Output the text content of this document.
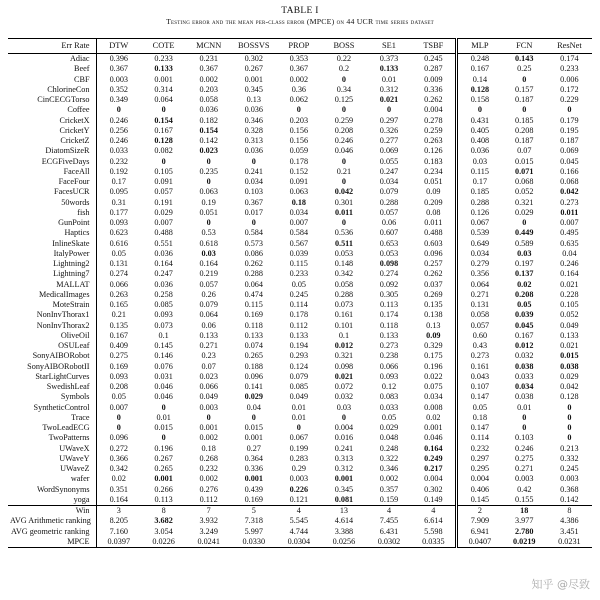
TABLE I
Testing error and the mean per-class error (MPCE) on 44 UCR time series dataset
Err Rate	DTW	COTE	MCNN	BOSSVS	PROP	BOSS	SE1	TSBF	MLP	FCN	ResNet
Adiac	0.396	0.233	0.231	0.302	0.353	0.22	0.373	0.245	0.248	0.143	0.174
Beef	0.367	0.133	0.367	0.267	0.367	0.2	0.133	0.287	0.167	0.25	0.233
CBF	0.003	0.001	0.002	0.001	0.002	0	0.01	0.009	0.14	0	0.006
ChlorineCon	0.352	0.314	0.203	0.345	0.36	0.34	0.312	0.336	0.128	0.157	0.172
CinCECGTorso	0.349	0.064	0.058	0.13	0.062	0.125	0.021	0.262	0.158	0.187	0.229
Coffee	0	0	0.036	0.036	0	0	0	0.004	0	0	0
CricketX	0.246	0.154	0.182	0.346	0.203	0.259	0.297	0.278	0.431	0.185	0.179
CricketY	0.256	0.167	0.154	0.328	0.156	0.208	0.326	0.259	0.405	0.208	0.195
CricketZ	0.246	0.128	0.142	0.313	0.156	0.246	0.277	0.263	0.408	0.187	0.187
DiatomSizeR	0.033	0.082	0.023	0.036	0.059	0.046	0.069	0.126	0.036	0.07	0.069
ECGFiveDays	0.232	0	0	0	0.178	0	0.055	0.183	0.03	0.015	0.045
FaceAll	0.192	0.105	0.235	0.241	0.152	0.21	0.247	0.234	0.115	0.071	0.166
FaceFour	0.17	0.091	0	0.034	0.091	0	0.034	0.051	0.17	0.068	0.068
FacesUCR	0.095	0.057	0.063	0.103	0.063	0.042	0.079	0.09	0.185	0.052	0.042
50words	0.31	0.191	0.19	0.367	0.18	0.301	0.288	0.209	0.288	0.321	0.273
fish	0.177	0.029	0.051	0.017	0.034	0.011	0.057	0.08	0.126	0.029	0.011
GunPoint	0.093	0.007	0	0	0.007	0	0.06	0.011	0.067	0	0.007
Haptics	0.623	0.488	0.53	0.584	0.584	0.536	0.607	0.488	0.539	0.449	0.495
InlineSkate	0.616	0.551	0.618	0.573	0.567	0.511	0.653	0.603	0.649	0.589	0.635
ItalyPower	0.05	0.036	0.03	0.086	0.039	0.053	0.053	0.096	0.034	0.03	0.04
Lightning2	0.131	0.164	0.164	0.262	0.115	0.148	0.098	0.257	0.279	0.197	0.246
Lightning7	0.274	0.247	0.219	0.288	0.233	0.342	0.274	0.262	0.356	0.137	0.164
MALLAT	0.066	0.036	0.057	0.064	0.05	0.058	0.092	0.037	0.064	0.02	0.021
MedicalImages	0.263	0.258	0.26	0.474	0.245	0.288	0.305	0.269	0.271	0.208	0.228
MoteStrain	0.165	0.085	0.079	0.115	0.114	0.073	0.113	0.135	0.131	0.05	0.105
NonInvThorax1	0.21	0.093	0.064	0.169	0.178	0.161	0.174	0.138	0.058	0.039	0.052
NonInvThorax2	0.135	0.073	0.06	0.118	0.112	0.101	0.118	0.13	0.057	0.045	0.049
OliveOil	0.167	0.1	0.133	0.133	0.133	0.1	0.133	0.09	0.60	0.167	0.133
OSULeaf	0.409	0.145	0.271	0.074	0.194	0.012	0.273	0.329	0.43	0.012	0.021
SonyAIBORobot	0.275	0.146	0.23	0.265	0.293	0.321	0.238	0.175	0.273	0.032	0.015
SonyAIBORobotII	0.169	0.076	0.07	0.188	0.124	0.098	0.066	0.196	0.161	0.038	0.038
StarLightCurves	0.093	0.031	0.023	0.096	0.079	0.021	0.093	0.022	0.043	0.033	0.029
SwedishLeaf	0.208	0.046	0.066	0.141	0.085	0.072	0.12	0.075	0.107	0.034	0.042
Symbols	0.05	0.046	0.049	0.029	0.049	0.032	0.083	0.034	0.147	0.038	0.128
SyntheticControl	0.007	0	0.003	0.04	0.01	0.03	0.033	0.008	0.05	0.01	0
Trace	0	0.01	0	0	0.01	0	0.05	0.02	0.18	0	0
TwoLeadECG	0	0.015	0.001	0.015	0	0.004	0.029	0.001	0.147	0	0
TwoPatterns	0.096	0	0.002	0.001	0.067	0.016	0.048	0.046	0.114	0.103	0
UWaveX	0.272	0.196	0.18	0.27	0.199	0.241	0.248	0.164	0.232	0.246	0.213
UWaveY	0.366	0.267	0.268	0.364	0.283	0.313	0.322	0.249	0.297	0.275	0.332
UWaveZ	0.342	0.265	0.232	0.336	0.29	0.312	0.346	0.217	0.295	0.271	0.245
wafer	0.02	0.001	0.002	0.001	0.003	0.001	0.002	0.004	0.004	0.003	0.003
WordSynonyms	0.351	0.266	0.276	0.439	0.226	0.345	0.357	0.302	0.406	0.42	0.368
yoga	0.164	0.113	0.112	0.169	0.121	0.081	0.159	0.149	0.145	0.155	0.142
Win	3	8	7	5	4	13	4	4	2	18	8
AVG Arithmetic ranking	8.205	3.682	3.932	7.318	5.545	4.614	7.455	6.614	7.909	3.977	4.386
AVG geometric ranking	7.160	3.054	3.249	5.997	4.744	3.388	6.431	5.598	6.941	2.780	3.451
MPCE	0.0397	0.0226	0.0241	0.0330	0.0304	0.0256	0.0302	0.0335	0.0407	0.0219	0.0231
知乎 @尽致
